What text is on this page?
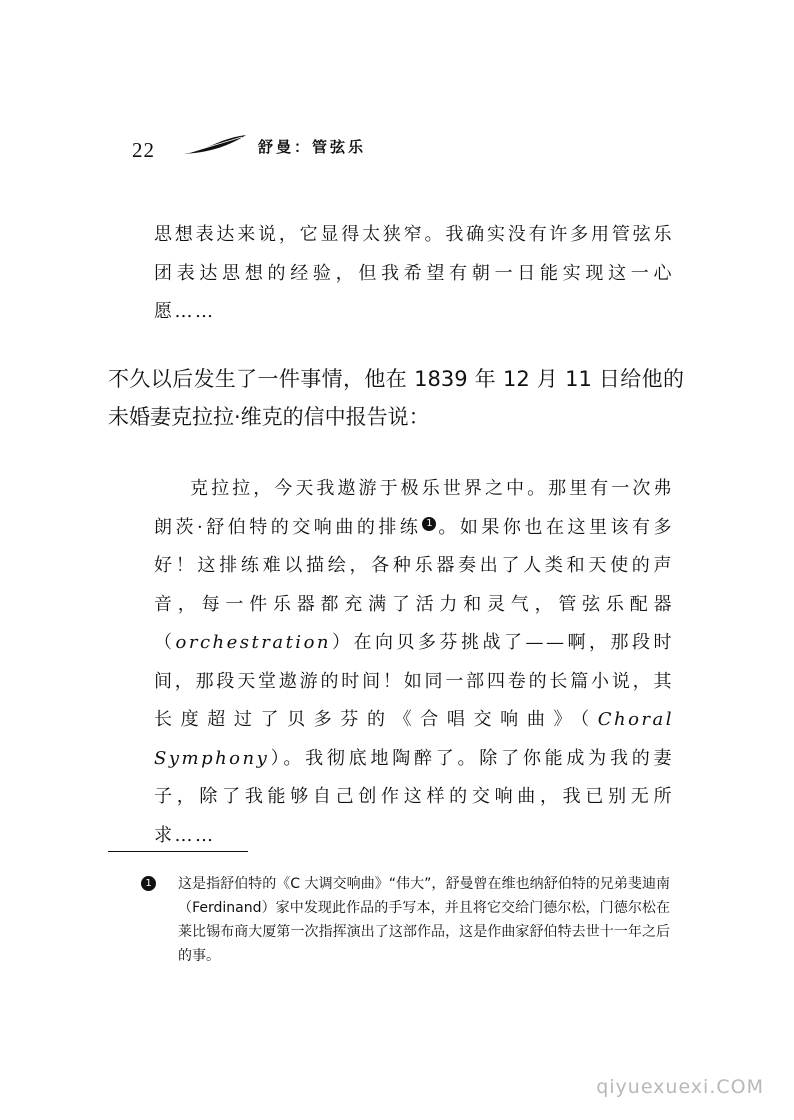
22	舒曼：管弦乐

思想表达来说，它显得太狭窄。我确实没有许多用管弦乐团表达思想的经验，但我希望有朝一日能实现这一心愿……

不久以后发生了一件事情，他在 1839 年 12 月 11 日给他的未婚妻克拉拉·维克的信中报告说：

克拉拉，今天我遨游于极乐世界之中。那里有一次弗朗茨·舒伯特的交响曲的排练 1 。如果你也在这里该有多好！这排练难以描绘，各种乐器奏出了人类和天使的声音，每一件乐器都充满了活力和灵气，管弦乐配器（orchestration）在向贝多芬挑战了——啊，那段时间，那段天堂遨游的时间！如同一部四卷的长篇小说，其长度超过了贝多芬的《合唱交响曲》（Choral Symphony）。我彻底地陶醉了。除了你能成为我的妻子，除了我能够自己创作这样的交响曲，我已别无所求……

1	这是指舒伯特的《C 大调交响曲》“伟大”，舒曼曾在维也纳舒伯特的兄弟斐迪南（Ferdinand）家中发现此作品的手写本，并且将它交给门德尔松，门德尔松在莱比锡布商大厦第一次指挥演出了这部作品，这是作曲家舒伯特去世十一年之后的事。

qiyuexuexi.COM
